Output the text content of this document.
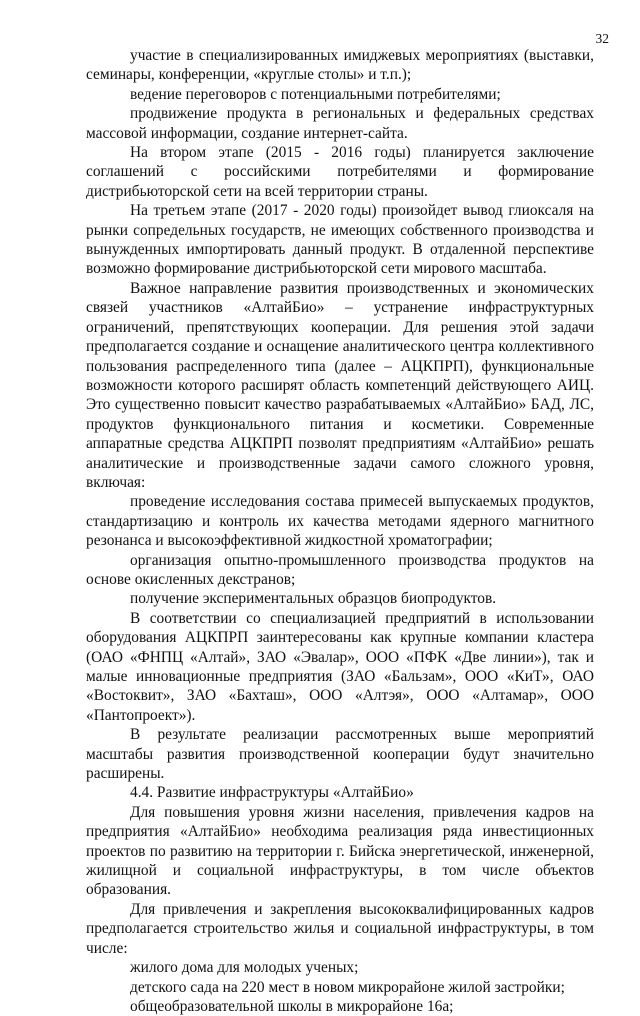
32

участие в специализированных имиджевых мероприятиях (выставки, семинары, конференции, «круглые столы» и т.п.);

ведение переговоров с потенциальными потребителями;

продвижение продукта в региональных и федеральных средствах массовой информации, создание интернет-сайта.

На втором этапе (2015 - 2016 годы) планируется заключение соглашений с российскими потребителями и формирование дистрибьюторской сети на всей территории страны.

На третьем этапе (2017 - 2020 годы) произойдет вывод глиоксаля на рынки сопредельных государств, не имеющих собственного производства и вынужденных импортировать данный продукт. В отдаленной перспективе возможно формирование дистрибьюторской сети мирового масштаба.

Важное направление развития производственных и экономических связей участников «АлтайБио» – устранение инфраструктурных ограничений, препятствующих кооперации. Для решения этой задачи предполагается создание и оснащение аналитического центра коллективного пользования распределенного типа (далее – АЦКПРП), функциональные возможности которого расширят область компетенций действующего АИЦ. Это существенно повысит качество разрабатываемых «АлтайБио» БАД, ЛС, продуктов функционального питания и косметики. Современные аппаратные средства АЦКПРП позволят предприятиям «АлтайБио» решать аналитические и производственные задачи самого сложного уровня, включая:

проведение исследования состава примесей выпускаемых продуктов, стандартизацию и контроль их качества методами ядерного магнитного резонанса и высокоэффективной жидкостной хроматографии;

организация опытно-промышленного производства продуктов на основе окисленных декстранов;

получение экспериментальных образцов биопродуктов.

В соответствии со специализацией предприятий в использовании оборудования АЦКПРП заинтересованы как крупные компании кластера (ОАО «ФНПЦ «Алтай», ЗАО «Эвалар», ООО «ПФК «Две линии»), так и малые инновационные предприятия (ЗАО «Бальзам», ООО «КиТ», ОАО «Востоквит», ЗАО «Бахташ», ООО «Алтэя», ООО «Алтамар», ООО «Пантопроект»).

В результате реализации рассмотренных выше мероприятий масштабы развития производственной кооперации будут значительно расширены.

4.4. Развитие инфраструктуры «АлтайБио»

Для повышения уровня жизни населения, привлечения кадров на предприятия «АлтайБио» необходима реализация ряда инвестиционных проектов по развитию на территории г. Бийска энергетической, инженерной, жилищной и социальной инфраструктуры, в том числе объектов образования.

Для привлечения и закрепления высококвалифицированных кадров предполагается строительство жилья и социальной инфраструктуры, в том числе:

жилого дома для молодых ученых;

детского сада на 220 мест в новом микрорайоне жилой застройки;

общеобразовательной школы в микрорайоне 16а;
